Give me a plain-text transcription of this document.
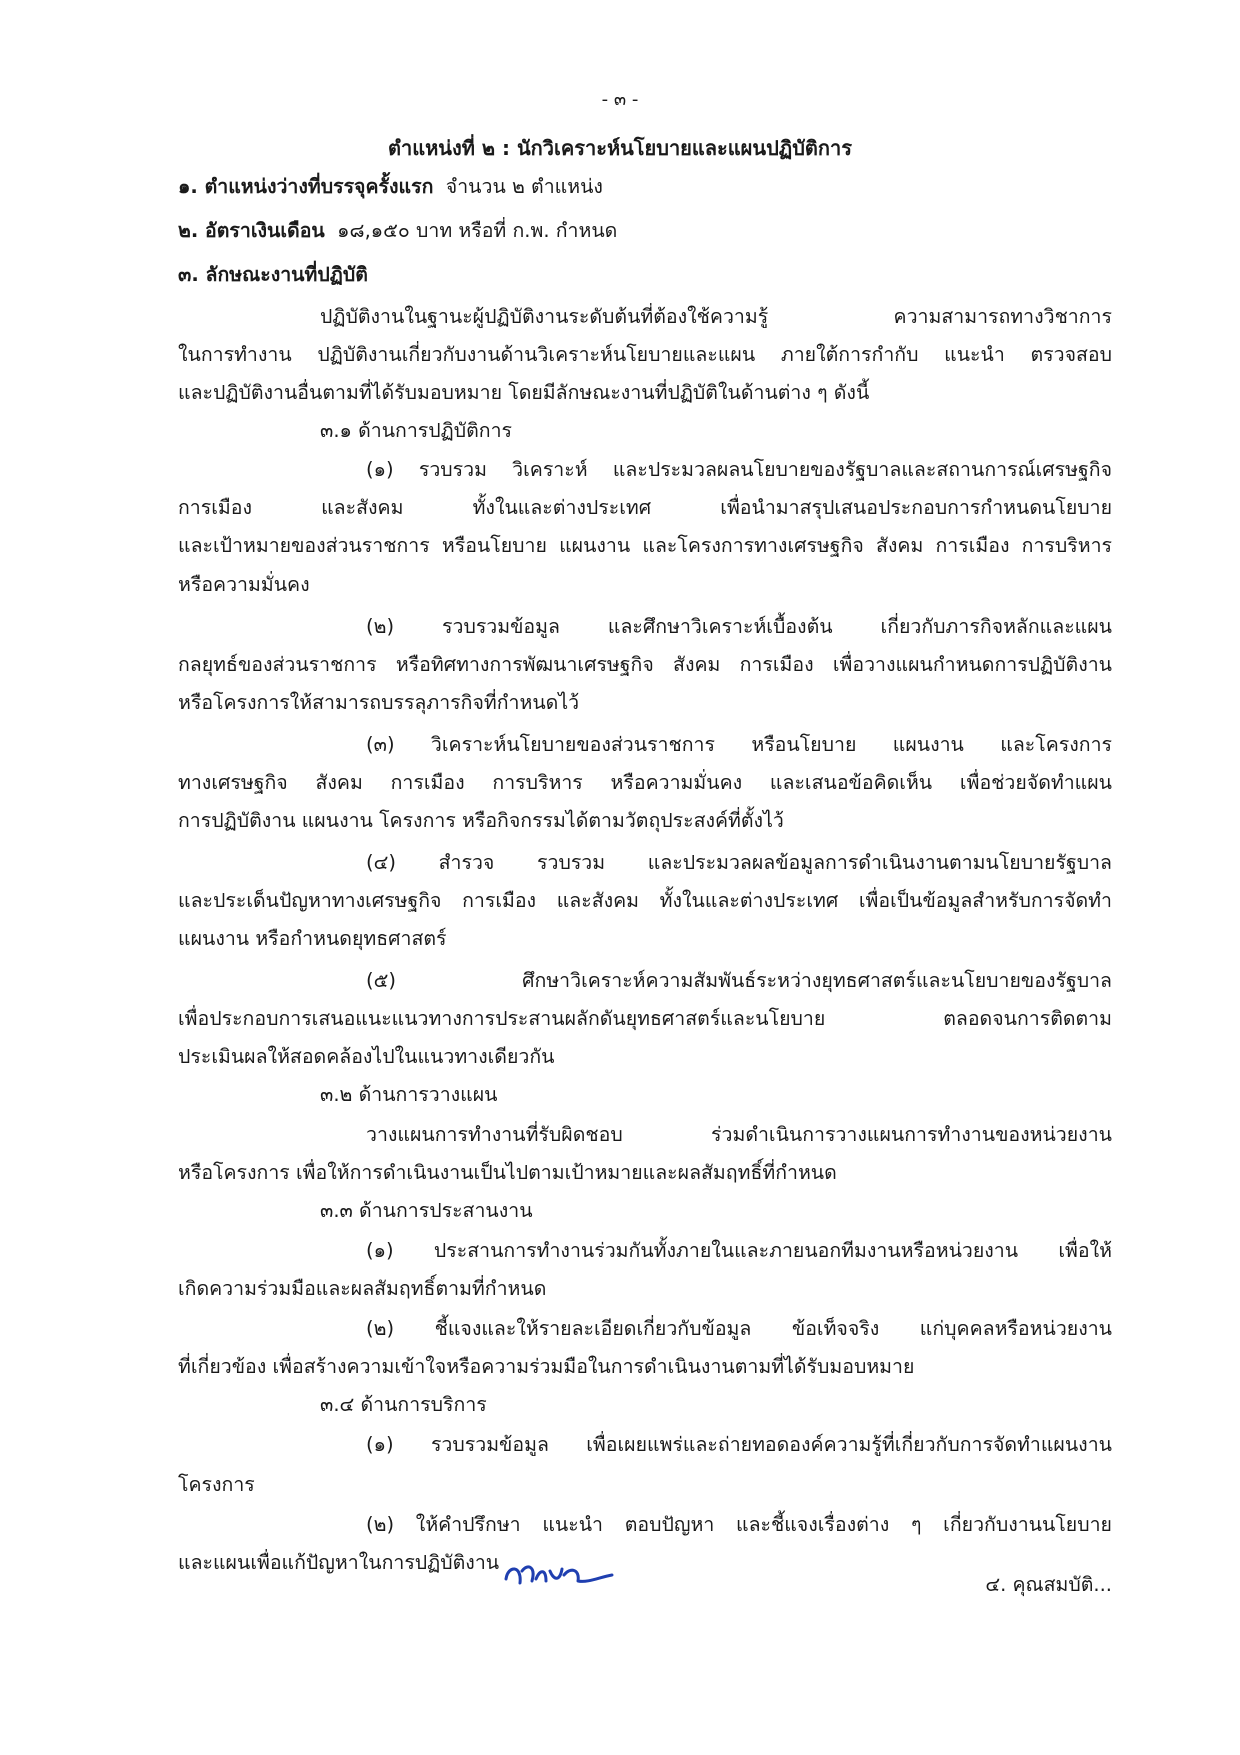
- ๓ -
ตำแหน่งที่ ๒ : นักวิเคราะห์นโยบายและแผนปฏิบัติการ
๑. ตำแหน่งว่างที่บรรจุครั้งแรก จำนวน ๒ ตำแหน่ง
๒. อัตราเงินเดือน ๑๘,๑๕๐ บาท หรือที่ ก.พ. กำหนด
๓. ลักษณะงานที่ปฏิบัติ
ปฏิบัติงานในฐานะผู้ปฏิบัติงานระดับต้นที่ต้องใช้ความรู้ ความสามารถทางวิชาการ
ในการทำงาน ปฏิบัติงานเกี่ยวกับงานด้านวิเคราะห์นโยบายและแผน ภายใต้การกำกับ แนะนำ ตรวจสอบ
และปฏิบัติงานอื่นตามที่ได้รับมอบหมาย โดยมีลักษณะงานที่ปฏิบัติในด้านต่าง ๆ ดังนี้
๓.๑ ด้านการปฏิบัติการ
(๑) รวบรวม วิเคราะห์ และประมวลผลนโยบายของรัฐบาลและสถานการณ์เศรษฐกิจ
การเมือง และสังคม ทั้งในและต่างประเทศ เพื่อนำมาสรุปเสนอประกอบการกำหนดนโยบาย
และเป้าหมายของส่วนราชการ หรือนโยบาย แผนงาน และโครงการทางเศรษฐกิจ สังคม การเมือง การบริหาร
หรือความมั่นคง
(๒) รวบรวมข้อมูล และศึกษาวิเคราะห์เบื้องต้น เกี่ยวกับภารกิจหลักและแผน
กลยุทธ์ของส่วนราชการ หรือทิศทางการพัฒนาเศรษฐกิจ สังคม การเมือง เพื่อวางแผนกำหนดการปฏิบัติงาน
หรือโครงการให้สามารถบรรลุภารกิจที่กำหนดไว้
(๓) วิเคราะห์นโยบายของส่วนราชการ หรือนโยบาย แผนงาน และโครงการ
ทางเศรษฐกิจ สังคม การเมือง การบริหาร หรือความมั่นคง และเสนอข้อคิดเห็น เพื่อช่วยจัดทำแผน
การปฏิบัติงาน แผนงาน โครงการ หรือกิจกรรมได้ตามวัตถุประสงค์ที่ตั้งไว้
(๔) สำรวจ รวบรวม และประมวลผลข้อมูลการดำเนินงานตามนโยบายรัฐบาล
และประเด็นปัญหาทางเศรษฐกิจ การเมือง และสังคม ทั้งในและต่างประเทศ เพื่อเป็นข้อมูลสำหรับการจัดทำ
แผนงาน หรือกำหนดยุทธศาสตร์
(๕) ศึกษาวิเคราะห์ความสัมพันธ์ระหว่างยุทธศาสตร์และนโยบายของรัฐบาล
เพื่อประกอบการเสนอแนะแนวทางการประสานผลักดันยุทธศาสตร์และนโยบาย ตลอดจนการติดตาม
ประเมินผลให้สอดคล้องไปในแนวทางเดียวกัน
๓.๒ ด้านการวางแผน
วางแผนการทำงานที่รับผิดชอบ ร่วมดำเนินการวางแผนการทำงานของหน่วยงาน
หรือโครงการ เพื่อให้การดำเนินงานเป็นไปตามเป้าหมายและผลสัมฤทธิ์ที่กำหนด
๓.๓ ด้านการประสานงาน
(๑) ประสานการทำงานร่วมกันทั้งภายในและภายนอกทีมงานหรือหน่วยงาน เพื่อให้
เกิดความร่วมมือและผลสัมฤทธิ์ตามที่กำหนด
(๒) ชี้แจงและให้รายละเอียดเกี่ยวกับข้อมูล ข้อเท็จจริง แก่บุคคลหรือหน่วยงาน
ที่เกี่ยวข้อง เพื่อสร้างความเข้าใจหรือความร่วมมือในการดำเนินงานตามที่ได้รับมอบหมาย
๓.๔ ด้านการบริการ
(๑) รวบรวมข้อมูล เพื่อเผยแพร่และถ่ายทอดองค์ความรู้ที่เกี่ยวกับการจัดทำแผนงาน
โครงการ
(๒) ให้คำปรึกษา แนะนำ ตอบปัญหา และชี้แจงเรื่องต่าง ๆ เกี่ยวกับงานนโยบาย
และแผนเพื่อแก้ปัญหาในการปฏิบัติงาน
๔. คุณสมบัติ...
